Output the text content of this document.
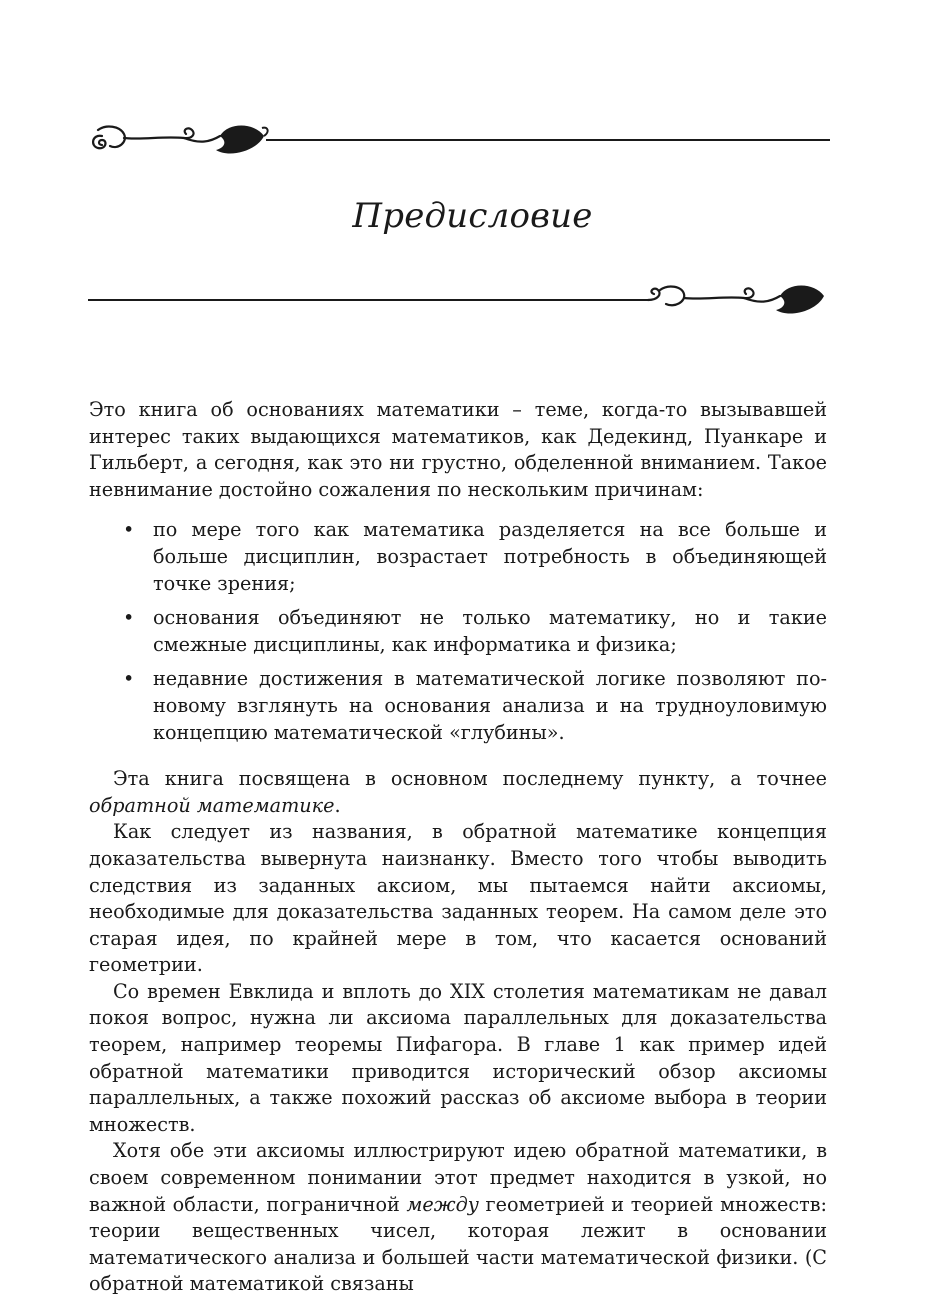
Предисловие

Это книга об основаниях математики – теме, когда-то вызывавшей интерес таких выдающихся математиков, как Дедекинд, Пуанкаре и Гильберт, а сегодня, как это ни грустно, обделенной вниманием. Такое невнимание достойно сожаления по нескольким причинам:

• по мере того как математика разделяется на все больше и больше дисциплин, возрастает потребность в объединяющей точке зрения;
• основания объединяют не только математику, но и такие смежные дисциплины, как информатика и физика;
• недавние достижения в математической логике позволяют по-новому взглянуть на основания анализа и на трудноуловимую концепцию математической «глубины».

Эта книга посвящена в основном последнему пункту, а точнее обратной математике.

Как следует из названия, в обратной математике концепция доказательства вывернута наизнанку. Вместо того чтобы выводить следствия из заданных аксиом, мы пытаемся найти аксиомы, необходимые для доказательства заданных теорем. На самом деле это старая идея, по крайней мере в том, что касается оснований геометрии.

Со времен Евклида и вплоть до XIX столетия математикам не давал покоя вопрос, нужна ли аксиома параллельных для доказательства теорем, например теоремы Пифагора. В главе 1 как пример идей обратной математики приводится исторический обзор аксиомы параллельных, а также похожий рассказ об аксиоме выбора в теории множеств.

Хотя обе эти аксиомы иллюстрируют идею обратной математики, в своем современном понимании этот предмет находится в узкой, но важной области, пограничной между геометрией и теорией множеств: теории вещественных чисел, которая лежит в основании математического анализа и большей части математической физики. (С обратной математикой связаны
